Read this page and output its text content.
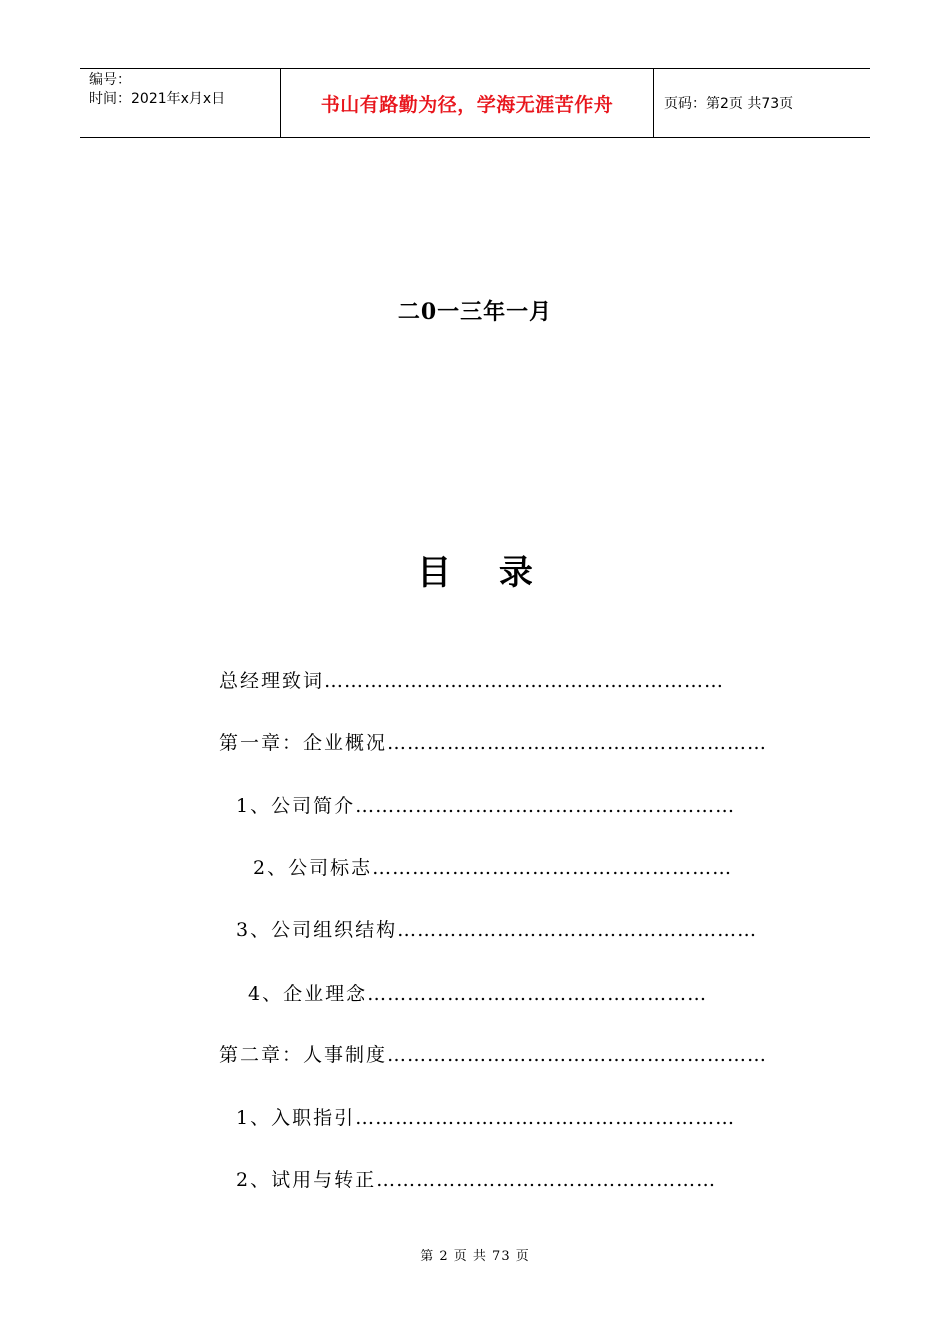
编号：
时间：2021年x月x日	书山有路勤为径，学海无涯苦作舟	页码：第2页 共73页
二0一三年一月
目 录
总经理致词……………………………………………………
第一章：企业概况…………………………………………………
1、公司简介…………………………………………………
2、公司标志………………………………………………
3、公司组织结构………………………………………………
4、企业理念……………………………………………
第二章：人事制度…………………………………………………
1、入职指引…………………………………………………
2、试用与转正……………………………………………
第 2 页 共 73 页
